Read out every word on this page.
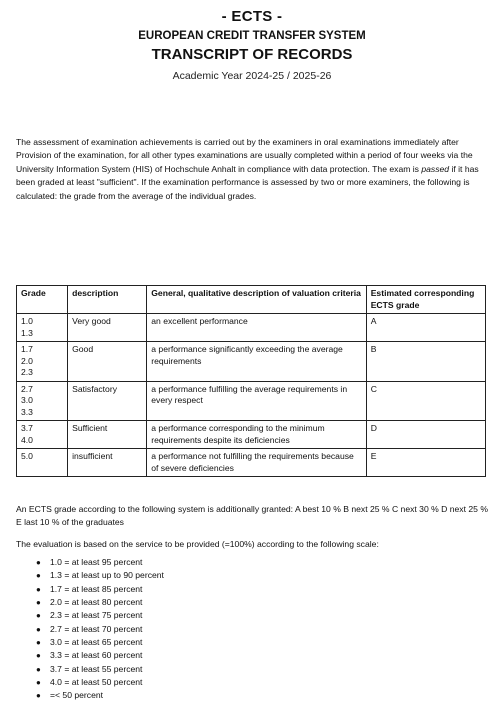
- ECTS -
EUROPEAN CREDIT TRANSFER SYSTEM
TRANSCRIPT OF RECORDS
Academic Year 2024-25 / 2025-26
The assessment of examination achievements is carried out by the examiners in oral examinations immediately after Provision of the examination, for all other types examinations are usually completed within a period of four weeks via the University Information System (HIS) of Hochschule Anhalt in compliance with data protection. The exam is passed if it has been graded at least "sufficient". If the examination performance is assessed by two or more examiners, the following is calculated: the grade from the average of the individual grades.
Grade	description	General, qualitative description of valuation criteria	Estimated corresponding ECTS grade

1.0
1.3	Very good	an excellent performance	A

1.7
2.0
2.3	Good	a performance significantly exceeding the average requirements	B

2.7
3.0
3.3	Satisfactory	a performance fulfilling the average requirements in every respect	C

3.7
4.0	Sufficient	a performance corresponding to the minimum requirements despite its deficiencies	D

5.0	insufficient	a performance not fulfilling the requirements because of severe deficiencies	E
An ECTS grade according to the following system is additionally granted: A best 10 % B next 25 % C next 30 % D next 25 % E last 10 % of the graduates
The evaluation is based on the service to be provided (=100%) according to the following scale:
● 1.0 = at least 95 percent
● 1.3 = at least up to 90 percent
● 1.7 = at least 85 percent
● 2.0 = at least 80 percent
● 2.3 = at least 75 percent
● 2.7 = at least 70 percent
● 3.0 = at least 65 percent
● 3.3 = at least 60 percent
● 3.7 = at least 55 percent
● 4.0 = at least 50 percent
● =< 50 percent
